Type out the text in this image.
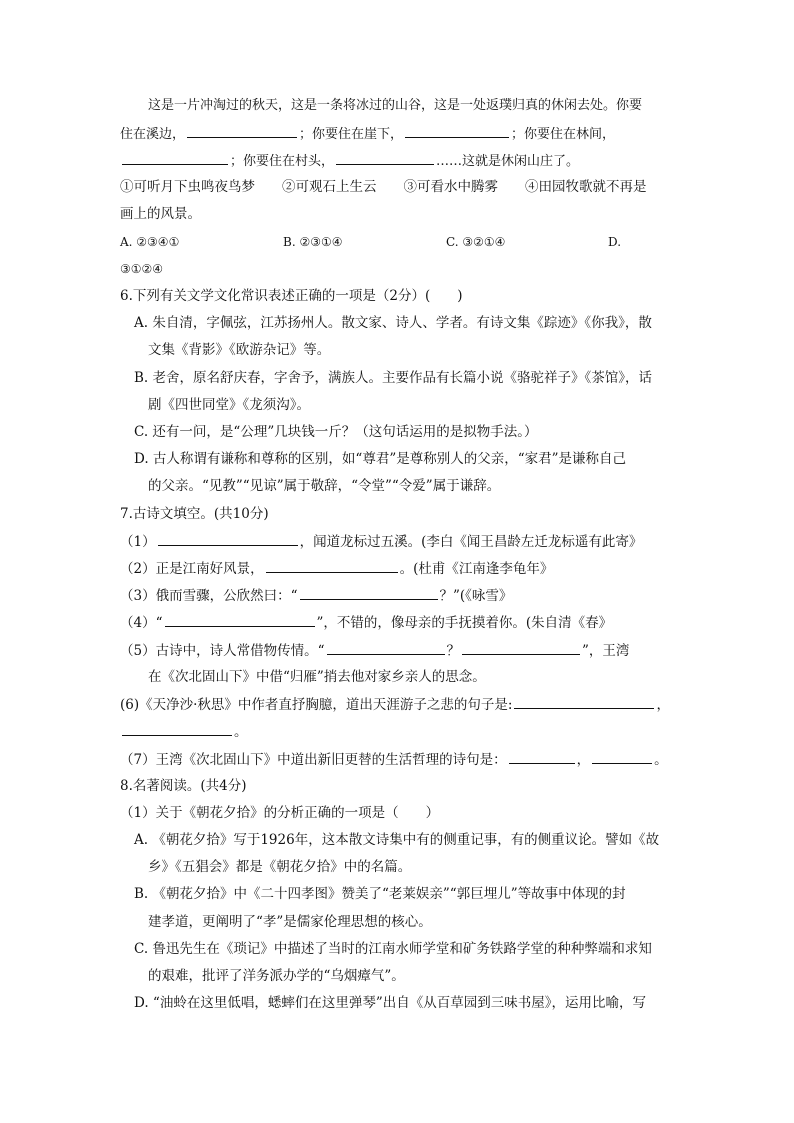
这是一片冲淘过的秋天，这是一条将冰过的山谷，这是一处返璞归真的休闲去处。你要
住在溪边，	；你要住在崖下，	；你要住在林间，
；你要住在村头，	……这就是休闲山庄了。
①可听月下虫鸣夜鸟梦　　②可观石上生云　　③可看水中腾雾　　④田园牧歌就不再是
画上的风景。
A. ②③④①	B. ②③①④	C. ③②①④	D.
③①②④
6.下列有关文学文化常识表述正确的一项是（2分）(　　)
A. 朱自清，字佩弦，江苏扬州人。散文家、诗人、学者。有诗文集《踪迹》《你我》，散
文集《背影》《欧游杂记》等。
B. 老舍，原名舒庆春，字舍予，满族人。主要作品有长篇小说《骆驼祥子》《茶馆》，话
剧《四世同堂》《龙须沟》。
C. 还有一问，是“公理”几块钱一斤？（这句话运用的是拟物手法。）
D. 古人称谓有谦称和尊称的区别，如“尊君”是尊称别人的父亲，“家君”是谦称自己
的父亲。“见教”“见谅”属于敬辞，“令堂”“令爱”属于谦辞。
7.古诗文填空。(共10分)
（1）	，闻道龙标过五溪。(李白《闻王昌龄左迁龙标遥有此寄》
（2）正是江南好风景，	。(杜甫《江南逢李龟年》
（3）俄而雪骤，公欣然曰：“	？”(《咏雪》
（4）“	”，不错的，像母亲的手抚摸着你。(朱自清《春》
（5）古诗中，诗人常借物传情。“	？	”，王湾
在《次北固山下》中借“归雁”捎去他对家乡亲人的思念。
(6)《天净沙·秋思》中作者直抒胸臆，道出天涯游子之悲的句子是:	，
。
（7）王湾《次北固山下》中道出新旧更替的生活哲理的诗句是：	，	。
8.名著阅读。(共4分)
（1）关于《朝花夕拾》的分析正确的一项是（　　）
A. 《朝花夕拾》写于1926年，这本散文诗集中有的侧重记事，有的侧重议论。譬如《故
乡》《五猖会》都是《朝花夕拾》中的名篇。
B. 《朝花夕拾》中《二十四孝图》赞美了“老莱娱亲”“郭巨埋儿”等故事中体现的封
建孝道，更阐明了“孝”是儒家伦理思想的核心。
C. 鲁迅先生在《琐记》中描述了当时的江南水师学堂和矿务铁路学堂的种种弊端和求知
的艰难，批评了洋务派办学的“乌烟瘴气”。
D. “油蛉在这里低唱，蟋蟀们在这里弹琴”出自《从百草园到三味书屋》，运用比喻，写
